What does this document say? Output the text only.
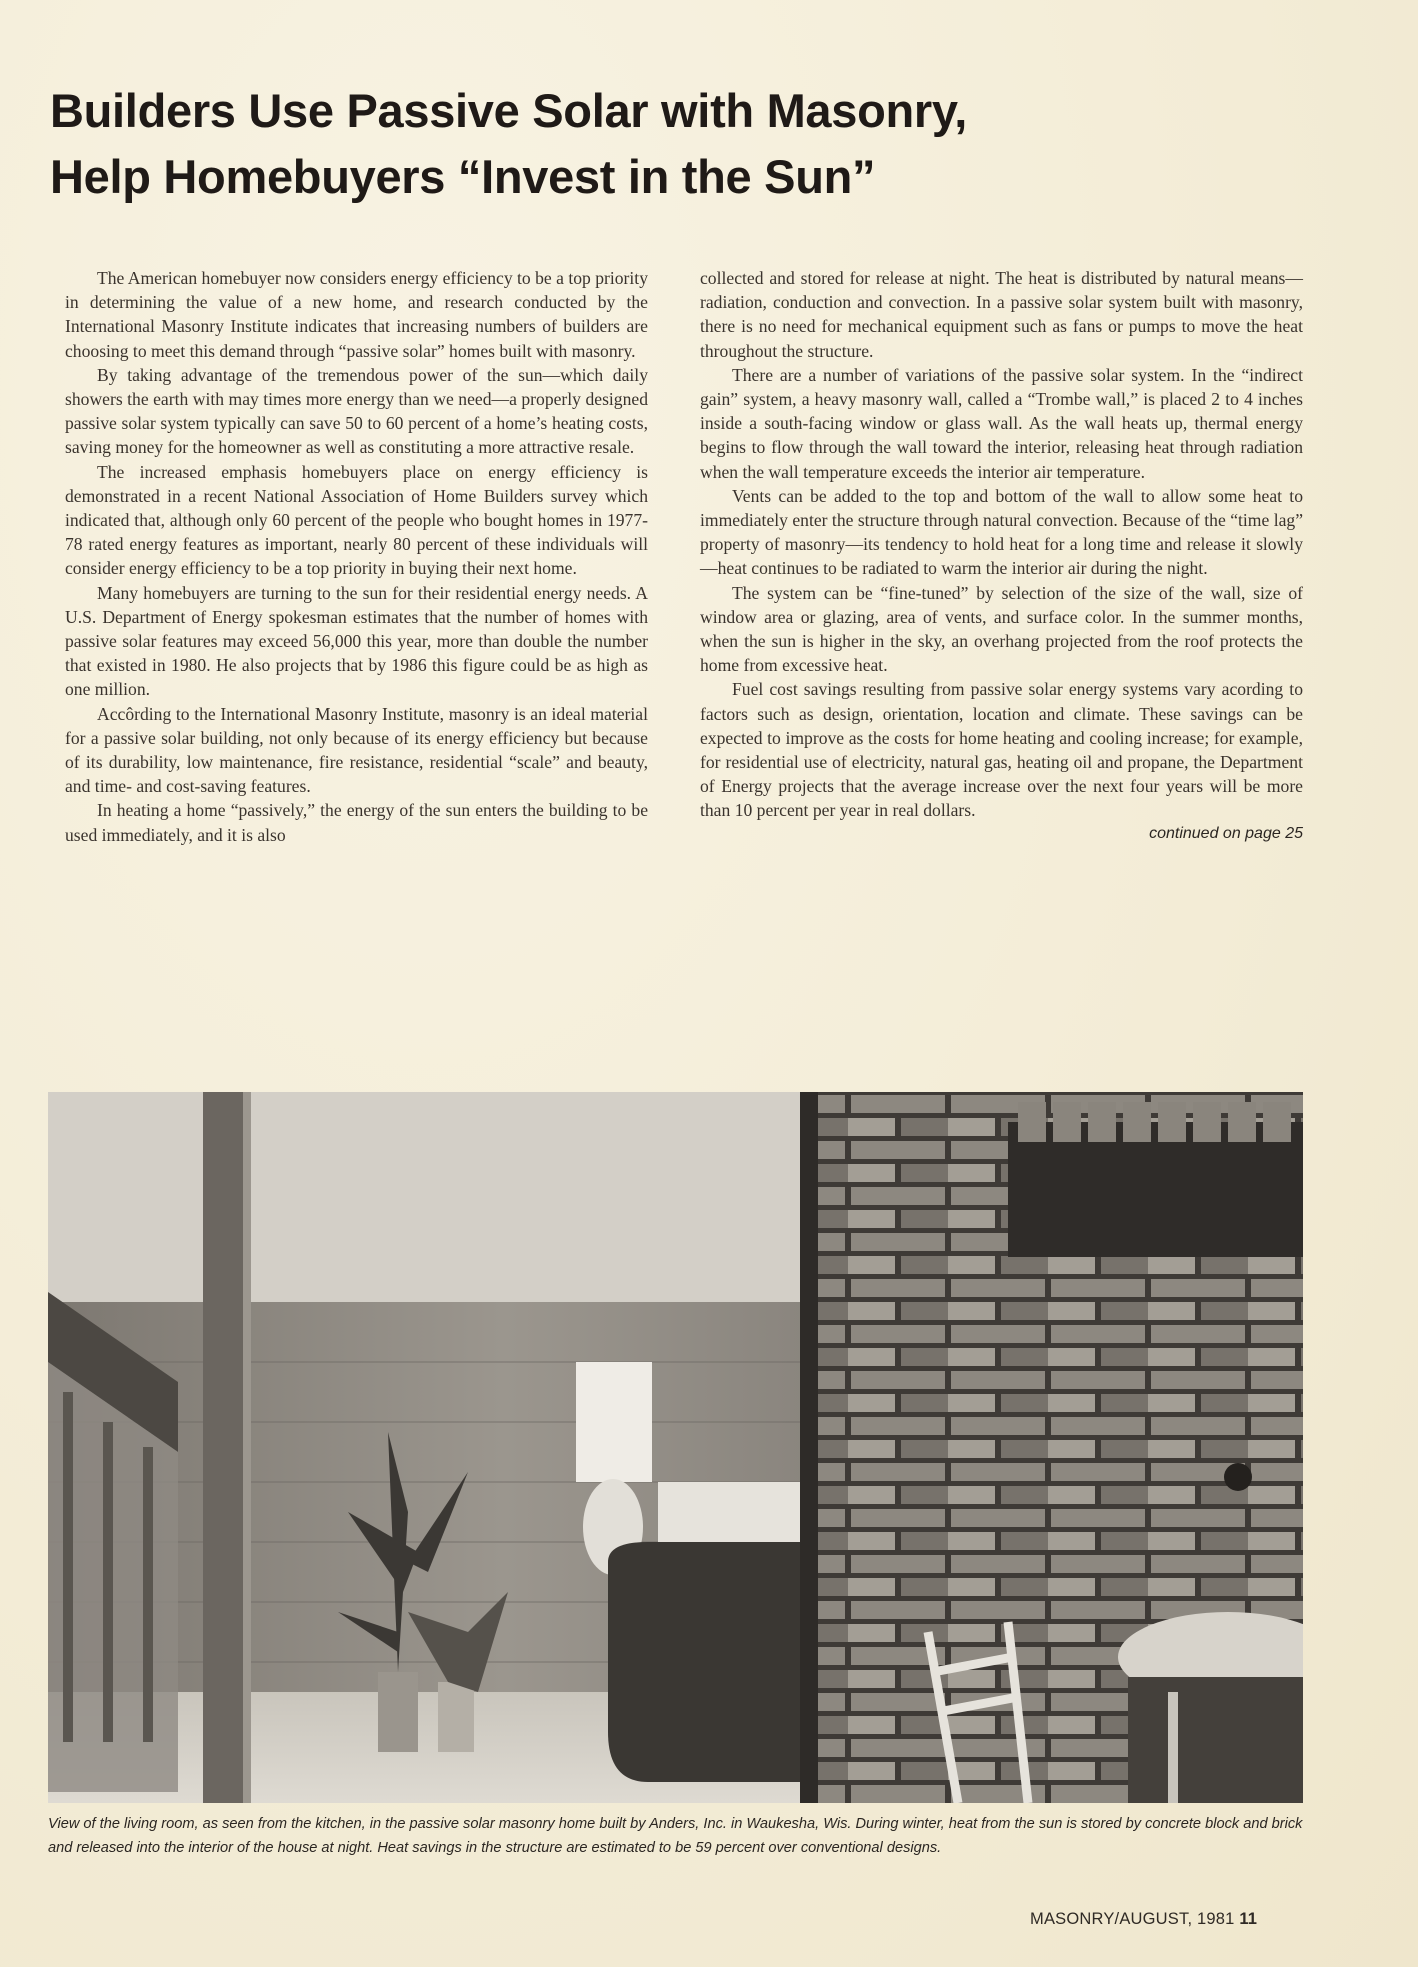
Builders Use Passive Solar with Masonry,
Help Homebuyers “Invest in the Sun”

The American homebuyer now considers energy efficiency to be a top priority in determining the value of a new home, and research conducted by the International Masonry Institute indicates that increasing numbers of builders are choosing to meet this demand through “passive solar” homes built with masonry.

By taking advantage of the tremendous power of the sun—which daily showers the earth with may times more energy than we need—a properly designed passive solar system typically can save 50 to 60 percent of a home’s heating costs, saving money for the homeowner as well as constituting a more attractive resale.

The increased emphasis homebuyers place on energy efficiency is demonstrated in a recent National Association of Home Builders survey which indicated that, although only 60 percent of the people who bought homes in 1977-78 rated energy features as important, nearly 80 percent of these individuals will consider energy efficiency to be a top priority in buying their next home.

Many homebuyers are turning to the sun for their residential energy needs. A U.S. Department of Energy spokesman estimates that the number of homes with passive solar features may exceed 56,000 this year, more than double the number that existed in 1980. He also projects that by 1986 this figure could be as high as one million.

Accôrding to the International Masonry Institute, masonry is an ideal material for a passive solar building, not only because of its energy efficiency but because of its durability, low maintenance, fire resistance, residential “scale” and beauty, and time- and cost-saving features.

In heating a home “passively,” the energy of the sun enters the building to be used immediately, and it is also

collected and stored for release at night. The heat is distributed by natural means—radiation, conduction and convection. In a passive solar system built with masonry, there is no need for mechanical equipment such as fans or pumps to move the heat throughout the structure.

There are a number of variations of the passive solar system. In the “indirect gain” system, a heavy masonry wall, called a “Trombe wall,” is placed 2 to 4 inches inside a south-facing window or glass wall. As the wall heats up, thermal energy begins to flow through the wall toward the interior, releasing heat through radiation when the wall temperature exceeds the interior air temperature.

Vents can be added to the top and bottom of the wall to allow some heat to immediately enter the structure through natural convection. Because of the “time lag” property of masonry—its tendency to hold heat for a long time and release it slowly—heat continues to be radiated to warm the interior air during the night.

The system can be “fine-tuned” by selection of the size of the wall, size of window area or glazing, area of vents, and surface color. In the summer months, when the sun is higher in the sky, an overhang projected from the roof protects the home from excessive heat.

Fuel cost savings resulting from passive solar energy systems vary acording to factors such as design, orientation, location and climate. These savings can be expected to improve as the costs for home heating and cooling increase; for example, for residential use of electricity, natural gas, heating oil and propane, the Department of Energy projects that the average increase over the next four years will be more than 10 percent per year in real dollars.

continued on page 25

View of the living room, as seen from the kitchen, in the passive solar masonry home built by Anders, Inc. in Waukesha, Wis. During winter, heat from the sun is stored by concrete block and brick and released into the interior of the house at night. Heat savings in the structure are estimated to be 59 percent over conventional designs.

MASONRY/AUGUST, 1981 11
